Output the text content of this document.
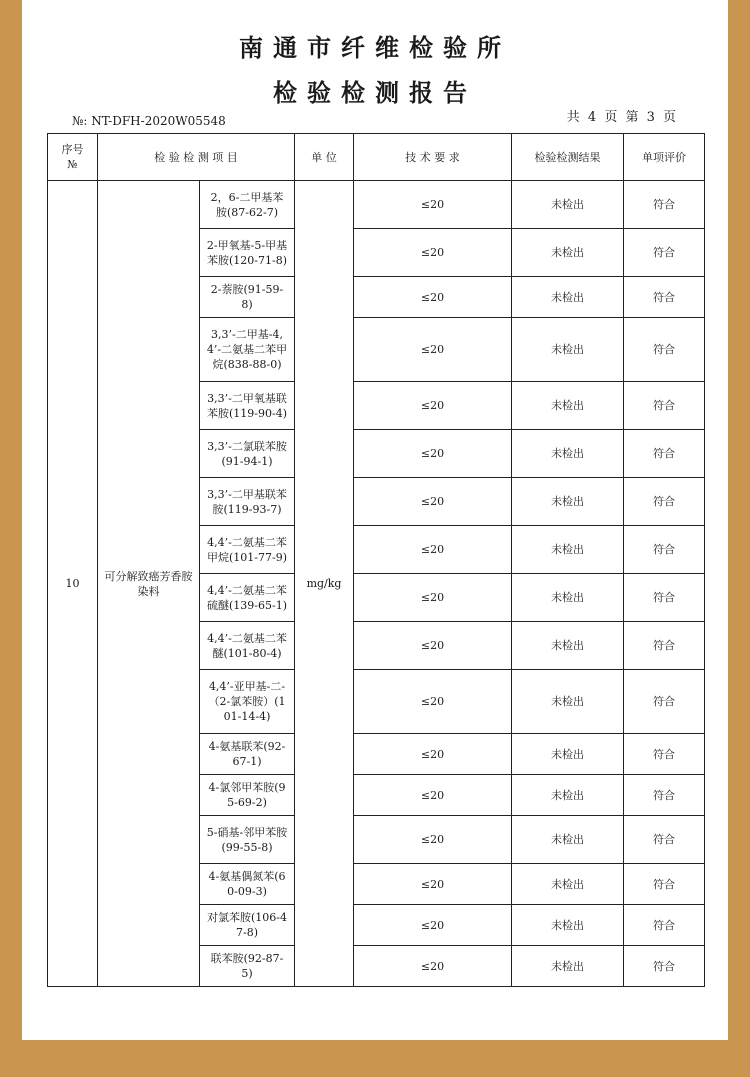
南通市纤维检验所
检验检测报告
№: NT-DFH-2020W05548	共 4 页 第 3 页
序号
№	检 验 检 测 项 目		单 位	技 术 要 求	检验检测结果	单项评价
10	可分解致癌芳香胺染料	2，6-二甲基苯胺(87-62-7)	mg/kg	≤20	未检出	符合
		2-甲氧基-5-甲基苯胺(120-71-8)		≤20	未检出	符合
		2-萘胺(91-59-8)		≤20	未检出	符合
		3,3’-二甲基-4,4’-二氨基二苯甲烷(838-88-0)		≤20	未检出	符合
		3,3’-二甲氧基联苯胺(119-90-4)		≤20	未检出	符合
		3,3’-二氯联苯胺(91-94-1)		≤20	未检出	符合
		3,3’-二甲基联苯胺(119-93-7)		≤20	未检出	符合
		4,4’-二氨基二苯甲烷(101-77-9)		≤20	未检出	符合
		4,4’-二氨基二苯硫醚(139-65-1)		≤20	未检出	符合
		4,4’-二氨基二苯醚(101-80-4)		≤20	未检出	符合
		4,4’-亚甲基-二-（2-氯苯胺）(101-14-4)		≤20	未检出	符合
		4-氨基联苯(92-67-1)		≤20	未检出	符合
		4-氯邻甲苯胺(95-69-2)		≤20	未检出	符合
		5-硝基-邻甲苯胺(99-55-8)		≤20	未检出	符合
		4-氨基偶氮苯(60-09-3)		≤20	未检出	符合
		对氯苯胺(106-47-8)		≤20	未检出	符合
		联苯胺(92-87-5)		≤20	未检出	符合
